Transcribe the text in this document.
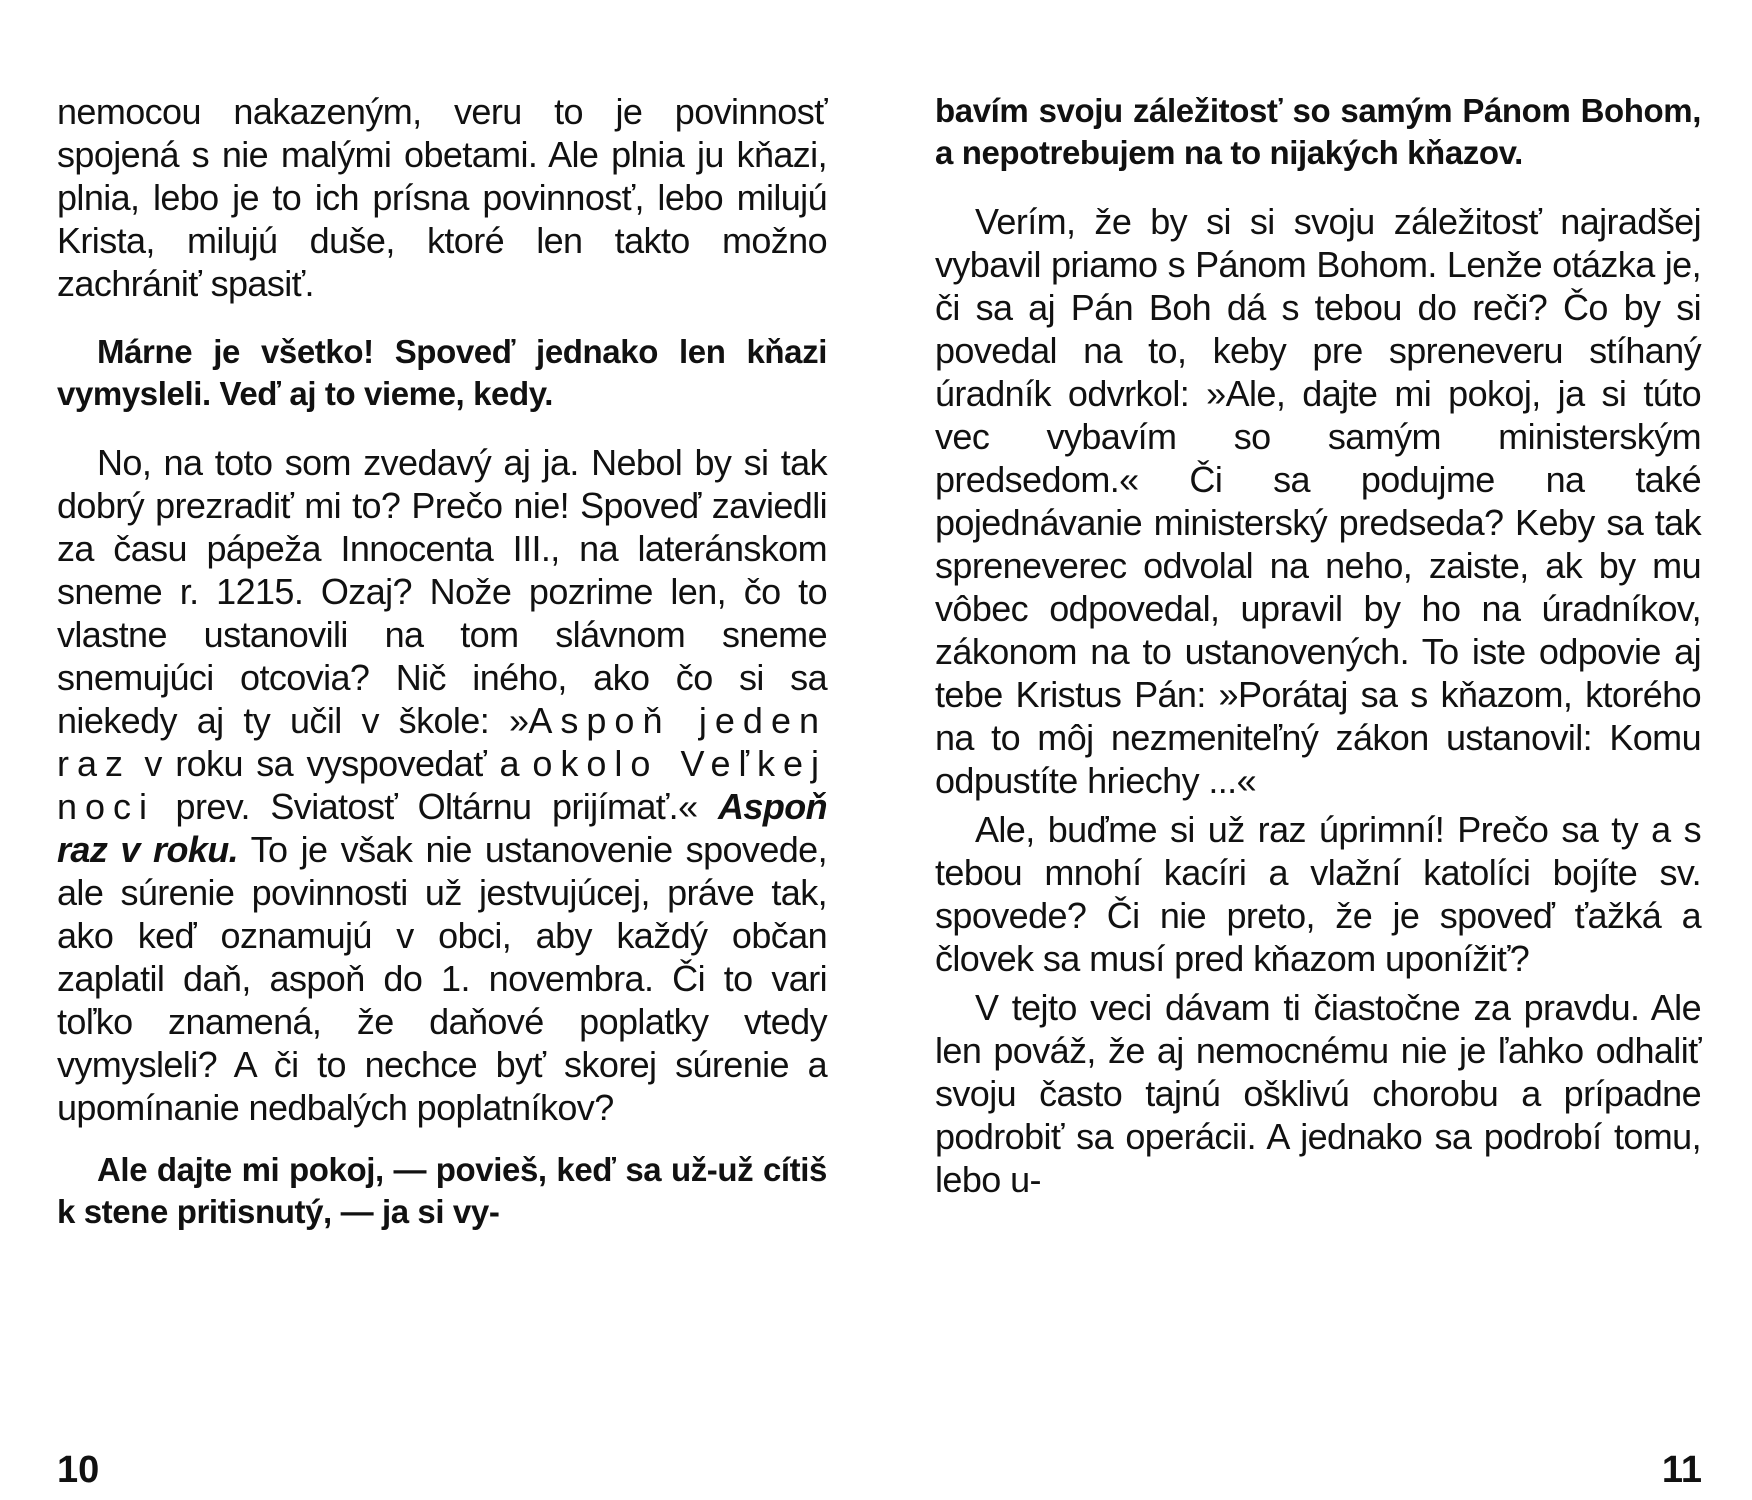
nemocou nakazeným, veru to je povinnosť spojená s nie malými obetami. Ale plnia ju kňazi, plnia, lebo je to ich prísna povinnosť, lebo milujú Krista, milujú duše, ktoré len takto možno zachrániť spasiť.

Márne je všetko! Spoveď jednako len kňazi vymysleli. Veď aj to vieme, kedy.

No, na toto som zvedavý aj ja. Nebol by si tak dobrý prezradiť mi to? Prečo nie! Spoveď zaviedli za času pápeža Innocenta III., na lateránskom sneme r. 1215. Ozaj? Nože pozrime len, čo to vlastne ustanovili na tom slávnom sneme snemujúci otcovia? Nič iného, ako čo si sa niekedy aj ty učil v škole: »Aspoň jeden raz v roku sa vyspovedať a okolo Veľkej noci prev. Sviatosť Oltárnu prijímať.« Aspoň raz v roku. To je však nie ustanovenie spovede, ale súrenie povinnosti už jestvujúcej, práve tak, ako keď oznamujú v obci, aby každý občan zaplatil daň, aspoň do 1. novembra. Či to vari toľko znamená, že daňové poplatky vtedy vymysleli? A či to nechce byť skorej súrenie a upomínanie nedbalých poplatníkov?

Ale dajte mi pokoj, — povieš, keď sa už-už cítiš k stene pritisnutý, — ja si vy-

10

bavím svoju záležitosť so samým Pánom Bohom, a nepotrebujem na to nijakých kňazov.

Verím, že by si si svoju záležitosť najradšej vybavil priamo s Pánom Bohom. Lenže otázka je, či sa aj Pán Boh dá s tebou do reči? Čo by si povedal na to, keby pre spreneveru stíhaný úradník odvrkol: »Ale, dajte mi pokoj, ja si túto vec vybavím so samým ministerským predsedom.« Či sa podujme na také pojednávanie ministerský predseda? Keby sa tak spreneverec odvolal na neho, zaiste, ak by mu vôbec odpovedal, upravil by ho na úradníkov, zákonom na to ustanovených. To iste odpovie aj tebe Kristus Pán: »Porátaj sa s kňazom, ktorého na to môj nezmeniteľný zákon ustanovil: Komu odpustíte hriechy ...«

Ale, buďme si už raz úprimní! Prečo sa ty a s tebou mnohí kacíri a vlažní katolíci bojíte sv. spovede? Či nie preto, že je spoveď ťažká a človek sa musí pred kňazom uponížiť?

V tejto veci dávam ti čiastočne za pravdu. Ale len pováž, že aj nemocnému nie je ľahko odhaliť svoju často tajnú ošklivú chorobu a prípadne podrobiť sa operácii. A jednako sa podrobí tomu, lebo u-

11
